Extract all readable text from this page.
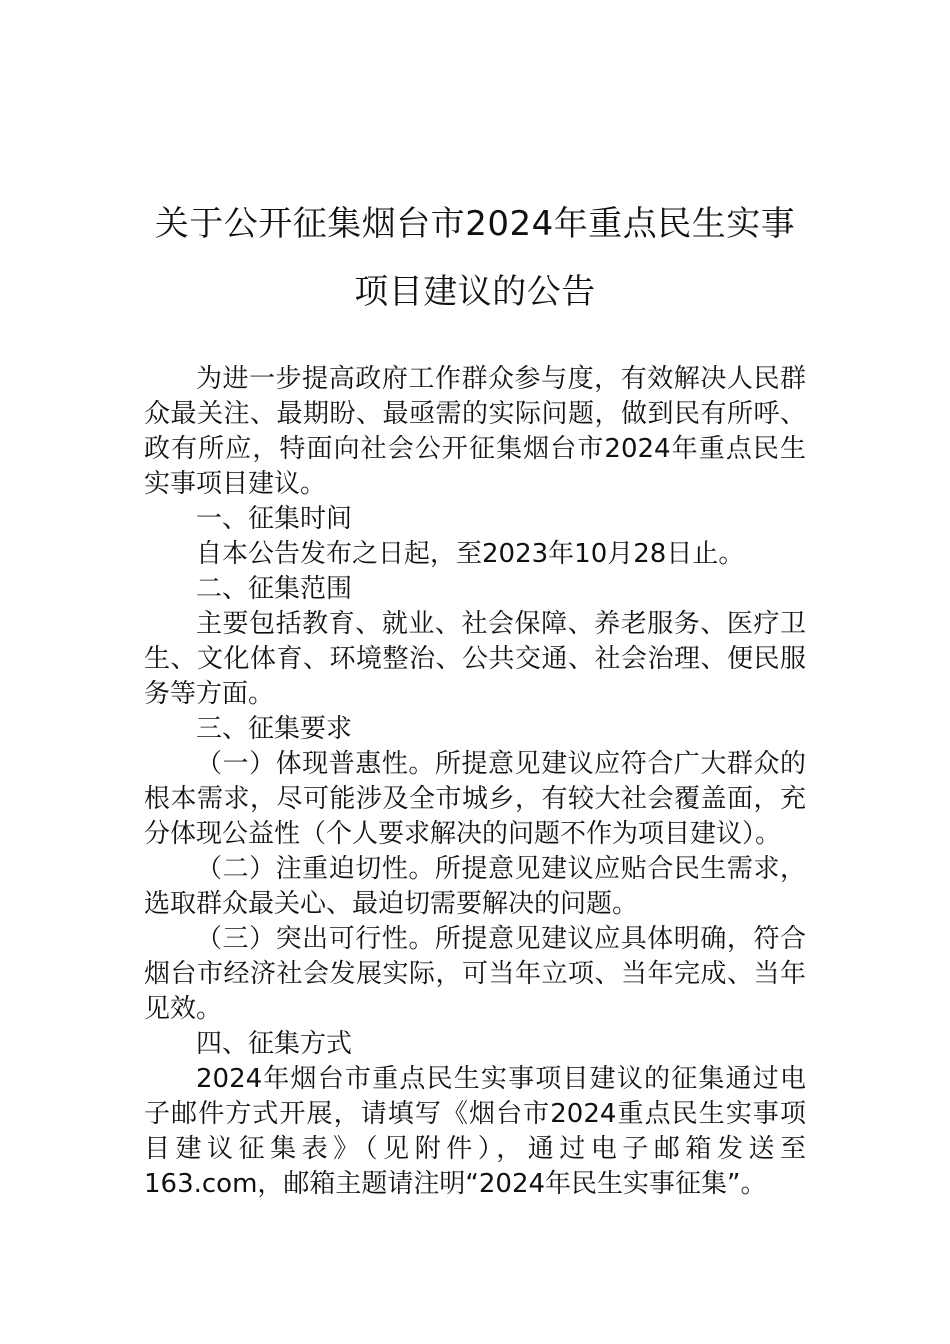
关于公开征集烟台市2024年重点民生实事
项目建议的公告

为进一步提高政府工作群众参与度，有效解决人民群众最关注、最期盼、最亟需的实际问题，做到民有所呼、政有所应，特面向社会公开征集烟台市2024年重点民生实事项目建议。

一、征集时间

自本公告发布之日起，至2023年10月28日止。

二、征集范围

主要包括教育、就业、社会保障、养老服务、医疗卫生、文化体育、环境整治、公共交通、社会治理、便民服务等方面。

三、征集要求

（一）体现普惠性。所提意见建议应符合广大群众的根本需求，尽可能涉及全市城乡，有较大社会覆盖面，充分体现公益性（个人要求解决的问题不作为项目建议）。

（二）注重迫切性。所提意见建议应贴合民生需求，选取群众最关心、最迫切需要解决的问题。

（三）突出可行性。所提意见建议应具体明确，符合烟台市经济社会发展实际，可当年立项、当年完成、当年见效。

四、征集方式

2024年烟台市重点民生实事项目建议的征集通过电子邮件方式开展，请填写《烟台市2024重点民生实事项目建议征集表》（见附件），通过电子邮箱发送至163.com，邮箱主题请注明“2024年民生实事征集”。
